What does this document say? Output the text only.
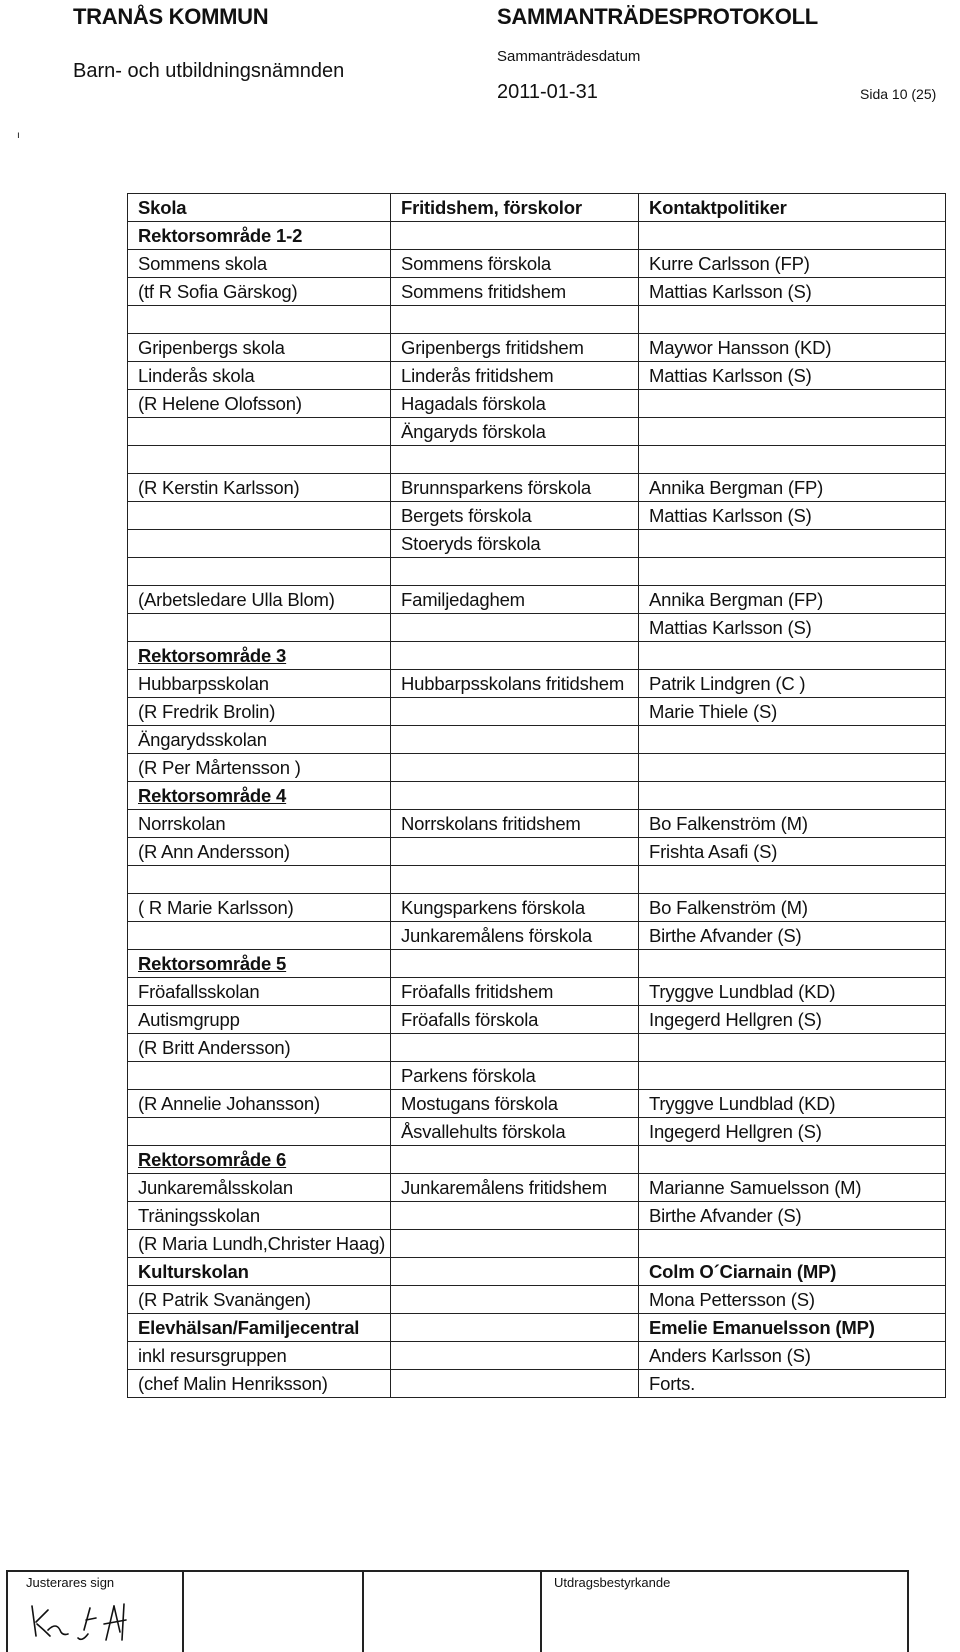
TRANÅS KOMMUN	SAMMANTRÄDESPROTOKOLL
Barn- och utbildningsnämnden
Sammanträdesdatum
2011-01-31	Sida 10 (25)
ı
Skola	Fritidshem, förskolor	Kontaktpolitiker
Rektorsområde 1-2		
Sommens skola	Sommens förskola	Kurre Carlsson (FP)
(tf R Sofia Gärskog)	Sommens fritidshem	Mattias Karlsson (S)

Gripenbergs skola	Gripenbergs fritidshem	Maywor Hansson (KD)
Linderås skola	Linderås fritidshem	Mattias Karlsson (S)
(R Helene Olofsson)	Hagadals förskola	
	Ängaryds förskola	

(R Kerstin Karlsson)	Brunnsparkens förskola	Annika Bergman (FP)
	Bergets förskola	Mattias Karlsson (S)
	Stoeryds förskola	

(Arbetsledare Ulla Blom)	Familjedaghem	Annika Bergman (FP)
		Mattias Karlsson (S)
Rektorsområde 3		
Hubbarpsskolan	Hubbarpsskolans fritidshem	Patrik Lindgren (C )
(R Fredrik Brolin)		Marie Thiele (S)
Ängarydsskolan		
(R Per Mårtensson )		
Rektorsområde 4		
Norrskolan	Norrskolans fritidshem	Bo Falkenström (M)
(R Ann Andersson)		Frishta Asafi (S)

( R Marie Karlsson)	Kungsparkens förskola	Bo Falkenström (M)
	Junkaremålens förskola	Birthe Afvander (S)
Rektorsområde 5		
Fröafallsskolan	Fröafalls fritidshem	Tryggve Lundblad (KD)
Autismgrupp	Fröafalls förskola	Ingegerd Hellgren (S)
(R Britt Andersson)		
	Parkens förskola	
(R Annelie Johansson)	Mostugans förskola	Tryggve Lundblad (KD)
	Åsvallehults förskola	Ingegerd Hellgren (S)
Rektorsområde 6		
Junkaremålsskolan	Junkaremålens fritidshem	Marianne Samuelsson (M)
Träningsskolan		Birthe Afvander (S)
(R Maria Lundh,Christer Haag)		
Kulturskolan		Colm O´Ciarnain (MP)
(R Patrik Svanängen)		Mona Pettersson (S)
Elevhälsan/Familjecentral		Emelie Emanuelsson (MP)
inkl resursgruppen		Anders Karlsson (S)
(chef Malin Henriksson)		Forts.
Justerares sign	Utdragsbestyrkande
